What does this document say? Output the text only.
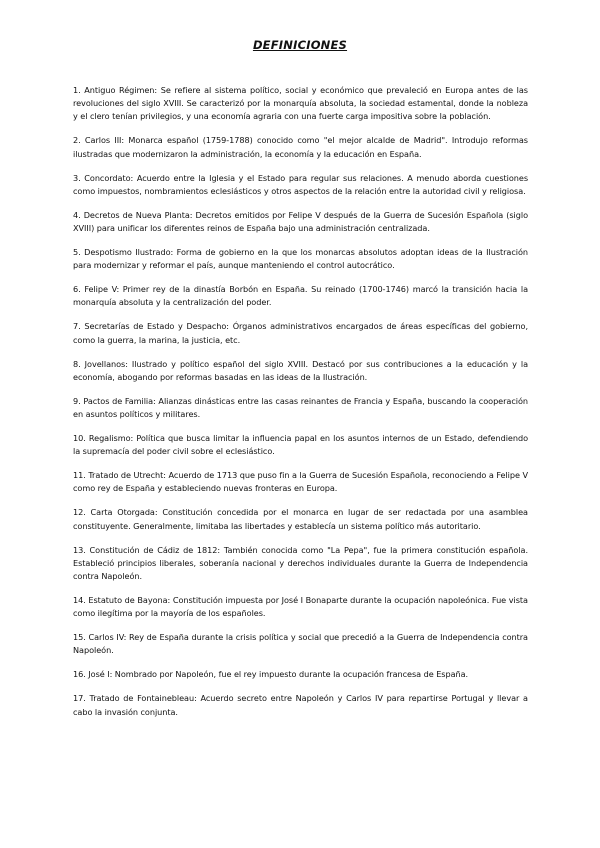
DEFINICIONES

1. Antiguo Régimen: Se refiere al sistema político, social y económico que prevaleció en Europa antes de las revoluciones del siglo XVIII. Se caracterizó por la monarquía absoluta, la sociedad estamental, donde la nobleza y el clero tenían privilegios, y una economía agraria con una fuerte carga impositiva sobre la población.

2. Carlos III: Monarca español (1759-1788) conocido como "el mejor alcalde de Madrid". Introdujo reformas ilustradas que modernizaron la administración, la economía y la educación en España.

3. Concordato: Acuerdo entre la Iglesia y el Estado para regular sus relaciones. A menudo aborda cuestiones como impuestos, nombramientos eclesiásticos y otros aspectos de la relación entre la autoridad civil y religiosa.

4. Decretos de Nueva Planta: Decretos emitidos por Felipe V después de la Guerra de Sucesión Española (siglo XVIII) para unificar los diferentes reinos de España bajo una administración centralizada.

5. Despotismo Ilustrado: Forma de gobierno en la que los monarcas absolutos adoptan ideas de la Ilustración para modernizar y reformar el país, aunque manteniendo el control autocrático.

6. Felipe V: Primer rey de la dinastía Borbón en España. Su reinado (1700-1746) marcó la transición hacia la monarquía absoluta y la centralización del poder.

7. Secretarías de Estado y Despacho: Órganos administrativos encargados de áreas específicas del gobierno, como la guerra, la marina, la justicia, etc.

8. Jovellanos: Ilustrado y político español del siglo XVIII. Destacó por sus contribuciones a la educación y la economía, abogando por reformas basadas en las ideas de la Ilustración.

9. Pactos de Familia: Alianzas dinásticas entre las casas reinantes de Francia y España, buscando la cooperación en asuntos políticos y militares.

10. Regalismo: Política que busca limitar la influencia papal en los asuntos internos de un Estado, defendiendo la supremacía del poder civil sobre el eclesiástico.

11. Tratado de Utrecht: Acuerdo de 1713 que puso fin a la Guerra de Sucesión Española, reconociendo a Felipe V como rey de España y estableciendo nuevas fronteras en Europa.

12. Carta Otorgada: Constitución concedida por el monarca en lugar de ser redactada por una asamblea constituyente. Generalmente, limitaba las libertades y establecía un sistema político más autoritario.

13. Constitución de Cádiz de 1812: También conocida como "La Pepa", fue la primera constitución española. Estableció principios liberales, soberanía nacional y derechos individuales durante la Guerra de Independencia contra Napoleón.

14. Estatuto de Bayona: Constitución impuesta por José I Bonaparte durante la ocupación napoleónica. Fue vista como ilegítima por la mayoría de los españoles.

15. Carlos IV: Rey de España durante la crisis política y social que precedió a la Guerra de Independencia contra Napoleón.

16. José I: Nombrado por Napoleón, fue el rey impuesto durante la ocupación francesa de España.

17. Tratado de Fontainebleau: Acuerdo secreto entre Napoleón y Carlos IV para repartirse Portugal y llevar a cabo la invasión conjunta.
